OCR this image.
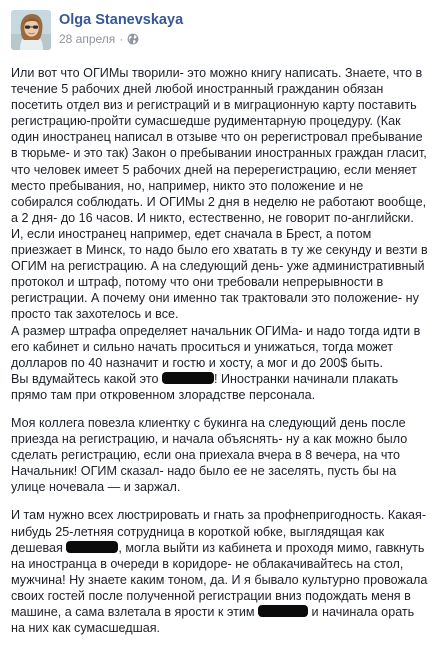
Olga Stanevskaya
28 апреля ·

Или вот что ОГИМы творили- это можно книгу написать. Знаете, что в течение 5 рабочих дней любой иностранный гражданин обязан посетить отдел виз и регистраций и в миграционную карту поставить регистрацию-пройти сумасшедше рудиментарную процедуру. (Как один иностранец написал в отзыве что он ререгистровал пребывание в тюрьме- и это так) Закон о пребывании иностранных граждан гласит, что человек имеет 5 рабочих дней на перерегистрацию, если меняет место пребывания, но, например, никто это положение и не собирался соблюдать. И ОГИМы 2 дня в неделю не работают вообще, а 2 дня- до 16 часов. И никто, естественно, не говорит по-английски. И, если иностранец например, едет сначала в Брест, а потом приезжает в Минск, то надо было его хватать в ту же секунду и везти в ОГИМ на регистрацию. А на следующий день- уже административный протокол и штраф, потому что они требовали непрерывности в регистрации. А почему они именно так трактовали это положение- ну просто так захотелось и все.
А размер штрафа определяет начальник ОГИМа- и надо тогда идти в его кабинет и сильно начать проситься и унижаться, тогда может долларов по 40 назначит и гостю и хосту, а мог и до 200$ быть.
Вы вдумайтесь какой это    	! Иностранки начинали плакать прямо там при откровенном злорадстве персонала.

Моя коллега повезла клиентку с букинга на следующий день после приезда на регистрацию, и начала объяснять- ну а как можно было сделать регистрацию, если она приехала вчера в 8 вечера, на что Начальник! ОГИМ сказал- надо было ее не заселять, пусть бы на улице ночевала — и заржал.

И там нужно всех люстрировать и гнать за профнепригодность. Какая-нибудь 25-летняя сотрудница в короткой юбке, выглядящая как дешевая    	, могла выйти из кабинета и проходя мимо, гавкнуть на иностранца в очереди в коридоре- не облакачивайтесь на стол, мужчина! Ну знаете каким тоном, да. И я бывало культурно провожала своих гостей после полученной регистрации вниз подождать меня в машине, а сама взлетала в ярости к этим    	и начинала орать на них как сумасшедшая.
